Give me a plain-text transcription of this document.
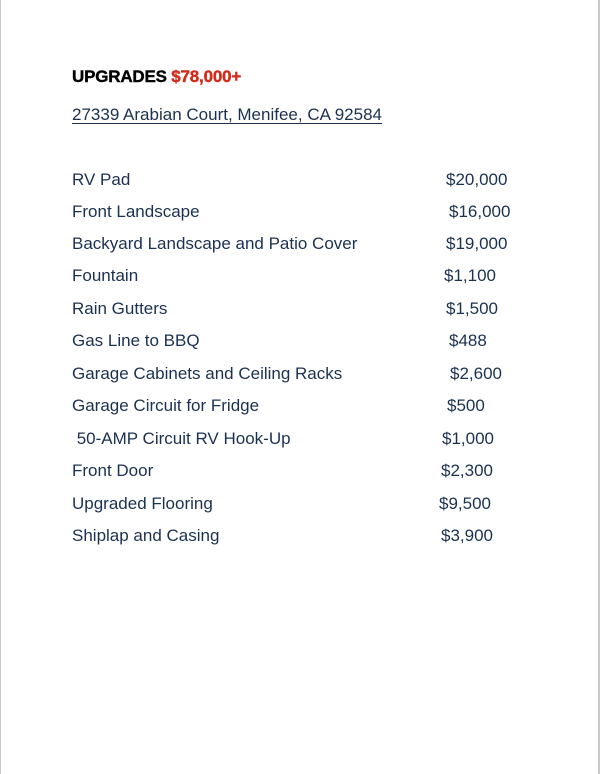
UPGRADES $78,000+
27339 Arabian Court, Menifee, CA 92584
RV Pad	$20,000
Front Landscape	$16,000
Backyard Landscape and Patio Cover	$19,000
Fountain	$1,100
Rain Gutters	$1,500
Gas Line to BBQ	$488
Garage Cabinets and Ceiling Racks	$2,600
Garage Circuit for Fridge	$500
50-AMP Circuit RV Hook-Up	$1,000
Front Door	$2,300
Upgraded Flooring	$9,500
Shiplap and Casing	$3,900
